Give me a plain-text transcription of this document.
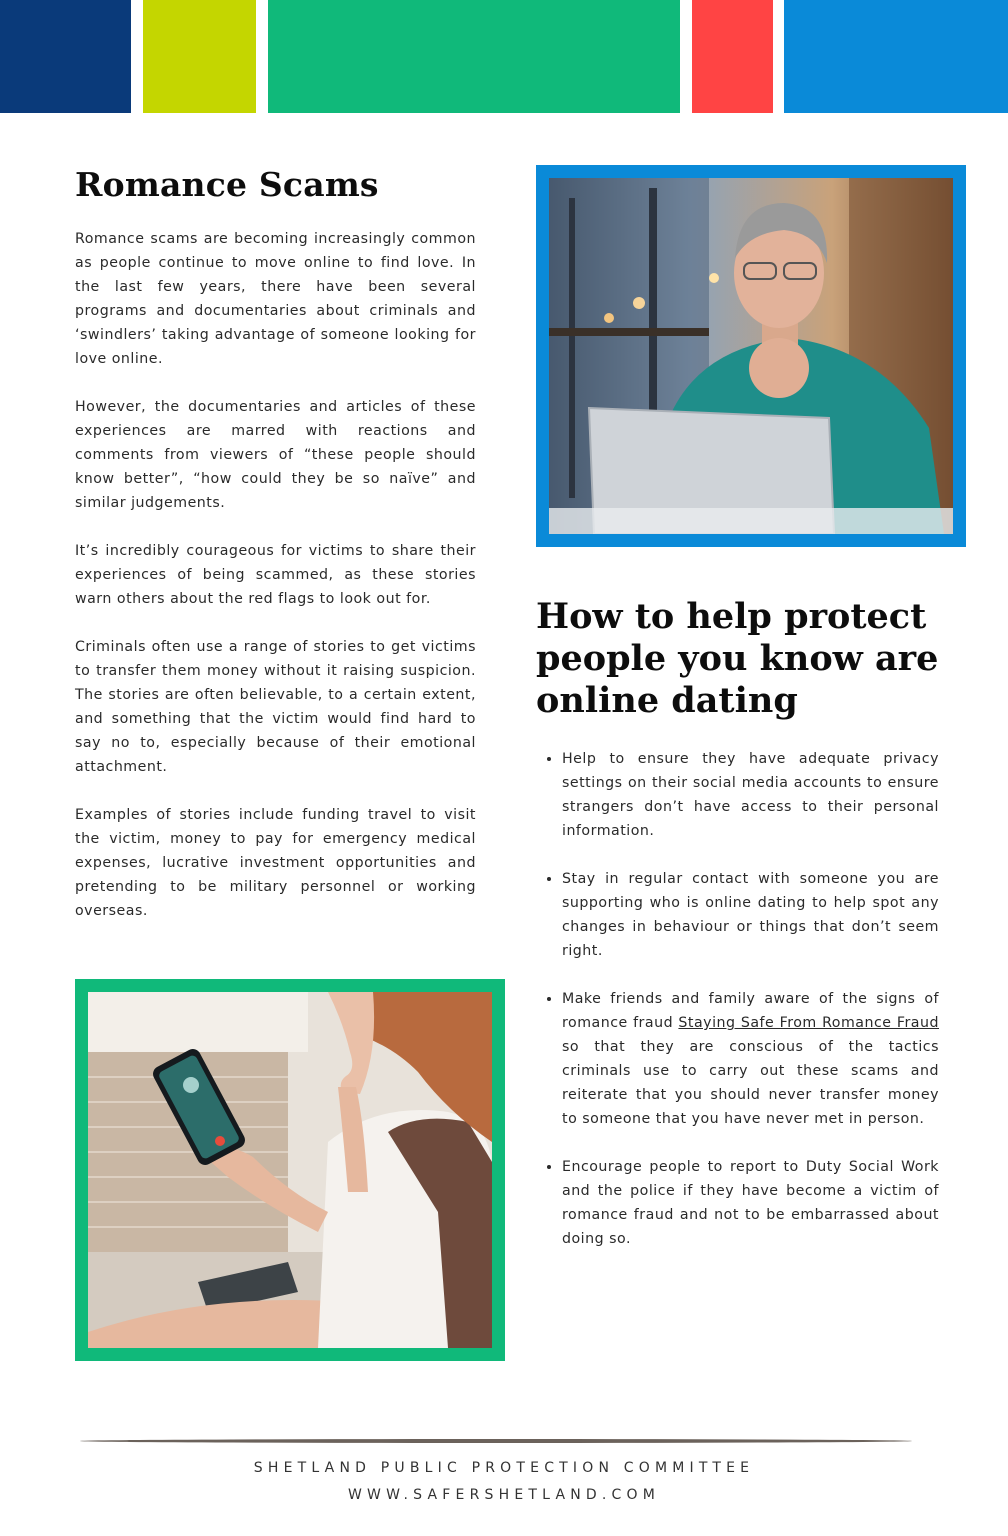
Romance Scams

Romance scams are becoming increasingly common as people continue to move online to find love. In the last few years, there have been several programs and documentaries about criminals and ‘swindlers’ taking advantage of someone looking for love online.

However, the documentaries and articles of these experiences are marred with reactions and comments from viewers of “these people should know better”, “how could they be so naïve” and similar judgements.

It’s incredibly courageous for victims to share their experiences of being scammed, as these stories warn others about the red flags to look out for.

Criminals often use a range of stories to get victims to transfer them money without it raising suspicion. The stories are often believable, to a certain extent, and something that the victim would find hard to say no to, especially because of their emotional attachment.

Examples of stories include funding travel to visit the victim, money to pay for emergency medical expenses, lucrative investment opportunities and pretending to be military personnel or working overseas.

How to help protect people you know are online dating
• Help to ensure they have adequate privacy settings on their social media accounts to ensure strangers don’t have access to their personal information.
• Stay in regular contact with someone you are supporting who is online dating to help spot any changes in behaviour or things that don’t seem right.
• Make friends and family aware of the signs of romance fraud Staying Safe From Romance Fraud so that they are conscious of the tactics criminals use to carry out these scams and reiterate that you should never transfer money to someone that you have never met in person.
• Encourage people to report to Duty Social Work and the police if they have become a victim of romance fraud and not to be embarrassed about doing so.
SHETLAND PUBLIC PROTECTION COMMITTEE
WWW.SAFERSHETLAND.COM
